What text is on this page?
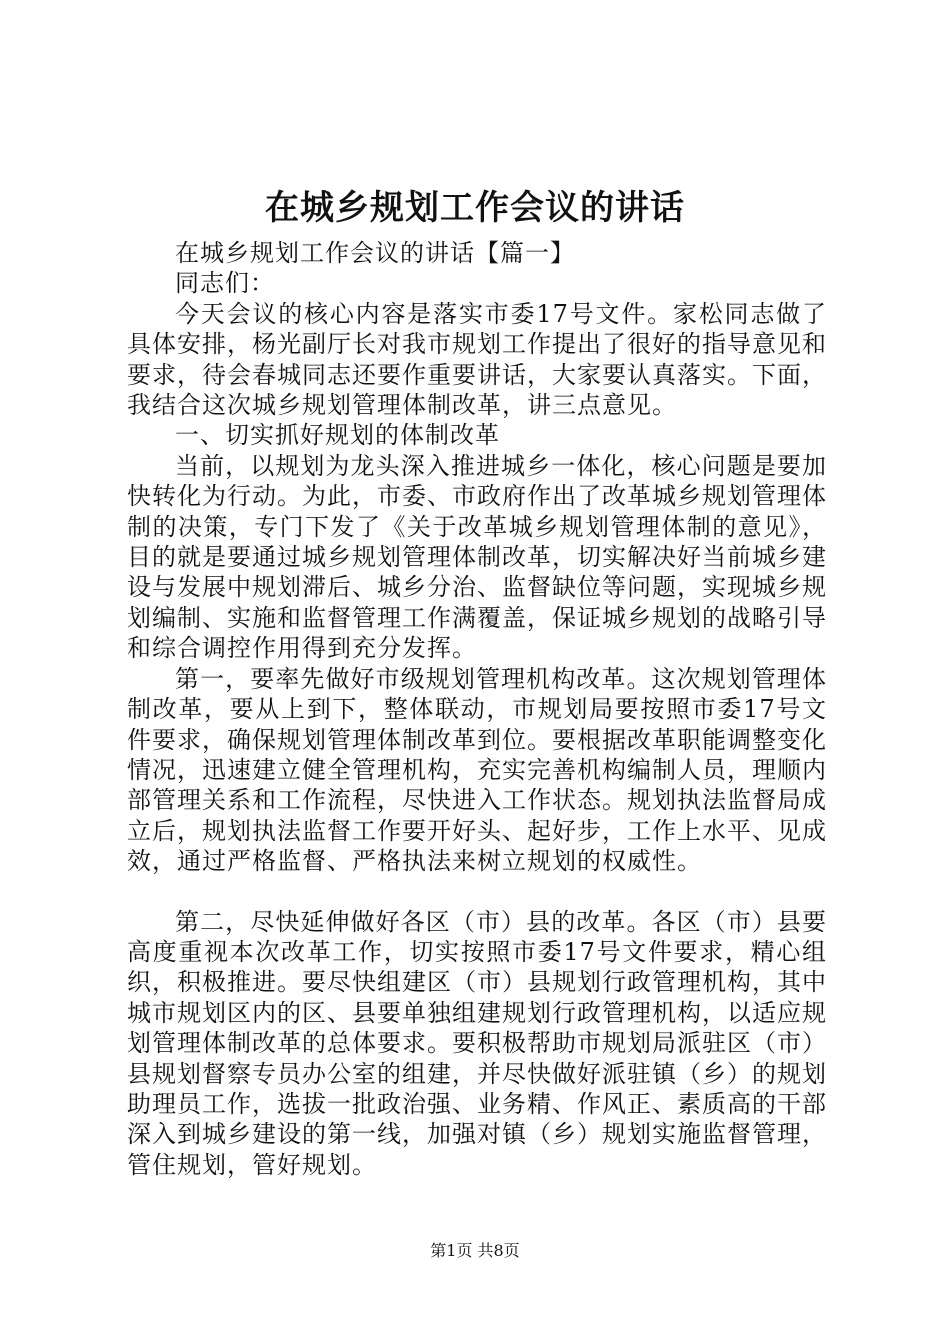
在城乡规划工作会议的讲话

在城乡规划工作会议的讲话【篇一】

同志们：

今天会议的核心内容是落实市委17号文件。家松同志做了具体安排，杨光副厅长对我市规划工作提出了很好的指导意见和要求，待会春城同志还要作重要讲话，大家要认真落实。下面，我结合这次城乡规划管理体制改革，讲三点意见。

一、切实抓好规划的体制改革

当前，以规划为龙头深入推进城乡一体化，核心问题是要加快转化为行动。为此，市委、市政府作出了改革城乡规划管理体制的决策，专门下发了《关于改革城乡规划管理体制的意见》，目的就是要通过城乡规划管理体制改革，切实解决好当前城乡建设与发展中规划滞后、城乡分治、监督缺位等问题，实现城乡规划编制、实施和监督管理工作满覆盖，保证城乡规划的战略引导和综合调控作用得到充分发挥。

第一，要率先做好市级规划管理机构改革。这次规划管理体制改革，要从上到下，整体联动，市规划局要按照市委17号文件要求，确保规划管理体制改革到位。要根据改革职能调整变化情况，迅速建立健全管理机构，充实完善机构编制人员，理顺内部管理关系和工作流程，尽快进入工作状态。规划执法监督局成立后，规划执法监督工作要开好头、起好步，工作上水平、见成效，通过严格监督、严格执法来树立规划的权威性。

第二，尽快延伸做好各区（市）县的改革。各区（市）县要高度重视本次改革工作，切实按照市委17号文件要求，精心组织，积极推进。要尽快组建区（市）县规划行政管理机构，其中城市规划区内的区、县要单独组建规划行政管理机构，以适应规划管理体制改革的总体要求。要积极帮助市规划局派驻区（市）县规划督察专员办公室的组建，并尽快做好派驻镇（乡）的规划助理员工作，选拔一批政治强、业务精、作风正、素质高的干部深入到城乡建设的第一线，加强对镇（乡）规划实施监督管理，管住规划，管好规划。

第1页 共8页
